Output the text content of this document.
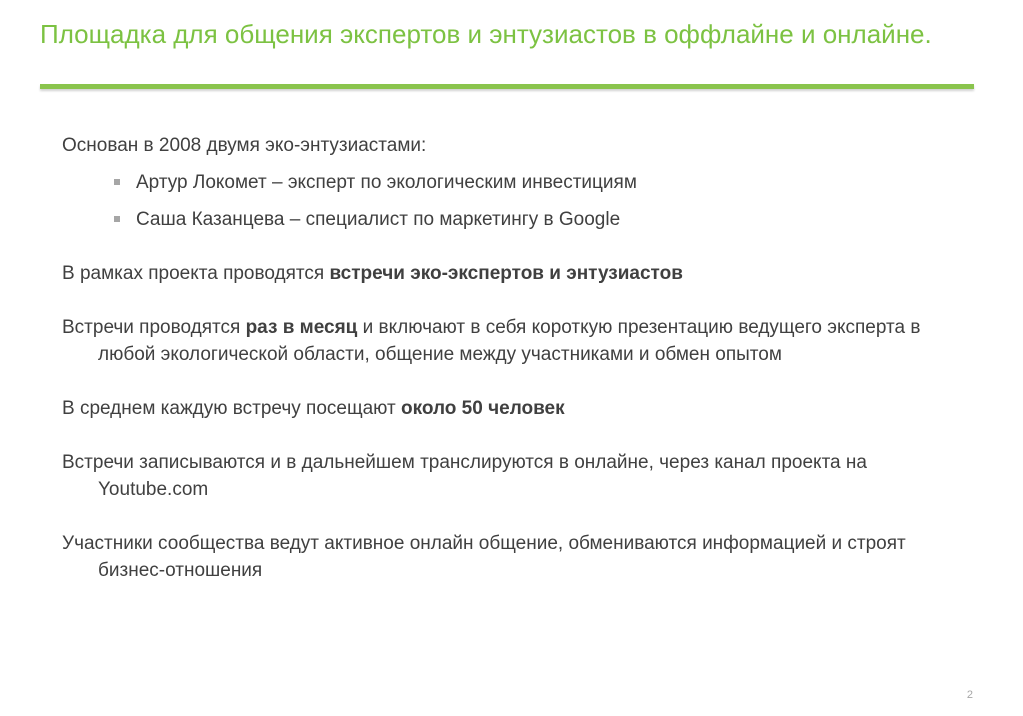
Площадка для общения экспертов и энтузиастов в оффлайне и онлайне.

Основан в 2008 двумя эко-энтузиастами:

Артур Локомет – эксперт по экологическим инвестициям
Саша Казанцева – специалист по маркетингу в Google

В рамках проекта проводятся встречи эко-экспертов и энтузиастов

Встречи проводятся раз в месяц и включают в себя короткую презентацию ведущего эксперта в любой экологической области, общение между участниками и обмен опытом

В среднем каждую встречу посещают около 50 человек

Встречи записываются и в дальнейшем транслируются в онлайне, через канал проекта на Youtube.com

Участники сообщества ведут активное онлайн общение, обмениваются информацией и строят бизнес-отношения

2
